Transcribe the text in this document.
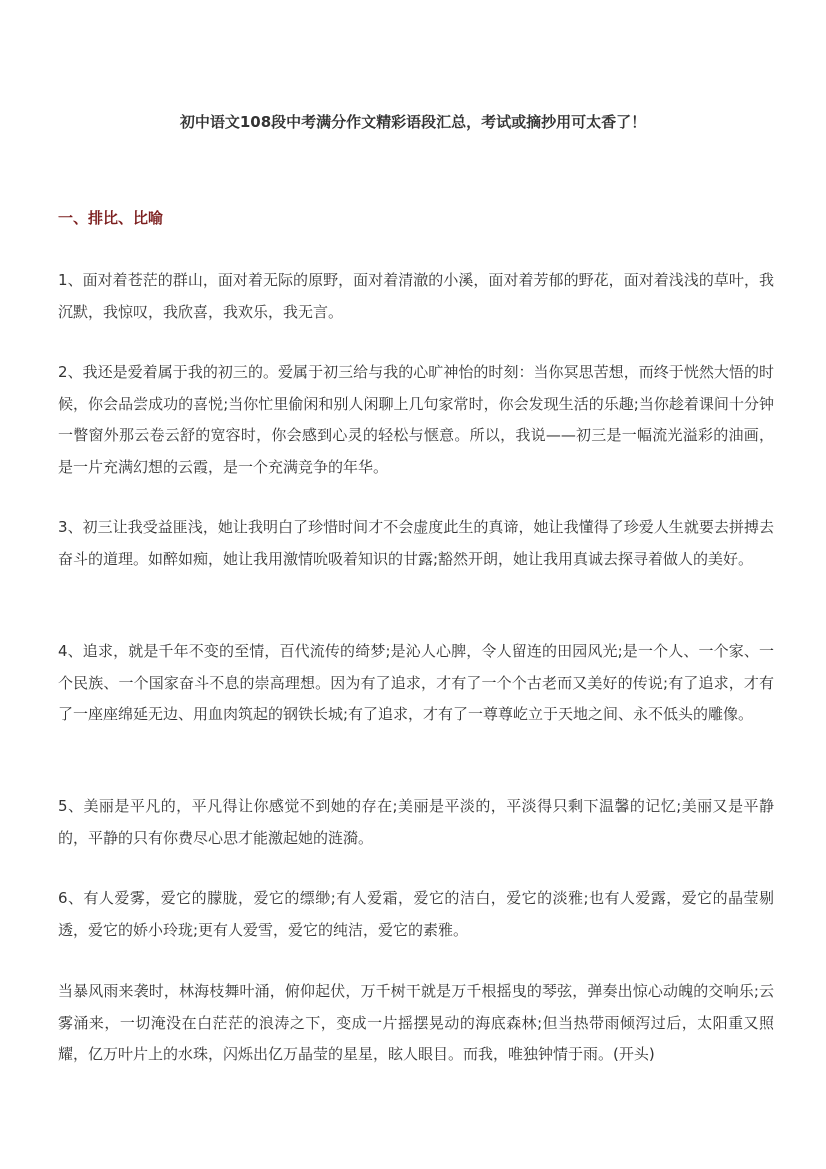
初中语文108段中考满分作文精彩语段汇总，考试或摘抄用可太香了！
一、排比、比喻

1、面对着苍茫的群山，面对着无际的原野，面对着清澈的小溪，面对着芳郁的野花，面对着浅浅的草叶，我沉默，我惊叹，我欣喜，我欢乐，我无言。

2、我还是爱着属于我的初三的。爱属于初三给与我的心旷神怡的时刻：当你冥思苦想，而终于恍然大悟的时候，你会品尝成功的喜悦;当你忙里偷闲和别人闲聊上几句家常时，你会发现生活的乐趣;当你趁着课间十分钟一瞥窗外那云卷云舒的宽容时，你会感到心灵的轻松与惬意。所以，我说——初三是一幅流光溢彩的油画，是一片充满幻想的云霞，是一个充满竞争的年华。

3、初三让我受益匪浅，她让我明白了珍惜时间才不会虚度此生的真谛，她让我懂得了珍爱人生就要去拼搏去奋斗的道理。如醉如痴，她让我用激情吮吸着知识的甘露;豁然开朗，她让我用真诚去探寻着做人的美好。

4、追求，就是千年不变的至情，百代流传的绮梦;是沁人心脾，令人留连的田园风光;是一个人、一个家、一个民族、一个国家奋斗不息的崇高理想。因为有了追求，才有了一个个古老而又美好的传说;有了追求，才有了一座座绵延无边、用血肉筑起的钢铁长城;有了追求，才有了一尊尊屹立于天地之间、永不低头的雕像。

5、美丽是平凡的，平凡得让你感觉不到她的存在;美丽是平淡的，平淡得只剩下温馨的记忆;美丽又是平静的，平静的只有你费尽心思才能激起她的涟漪。

6、有人爱雾，爱它的朦胧，爱它的缥缈;有人爱霜，爱它的洁白，爱它的淡雅;也有人爱露，爱它的晶莹剔透，爱它的娇小玲珑;更有人爱雪，爱它的纯洁，爱它的素雅。

当暴风雨来袭时，林海枝舞叶涌，俯仰起伏，万千树干就是万千根摇曳的琴弦，弹奏出惊心动魄的交响乐;云雾涌来，一切淹没在白茫茫的浪涛之下，变成一片摇摆晃动的海底森林;但当热带雨倾泻过后，太阳重又照耀，亿万叶片上的水珠，闪烁出亿万晶莹的星星，眩人眼目。而我，唯独钟情于雨。(开头)
